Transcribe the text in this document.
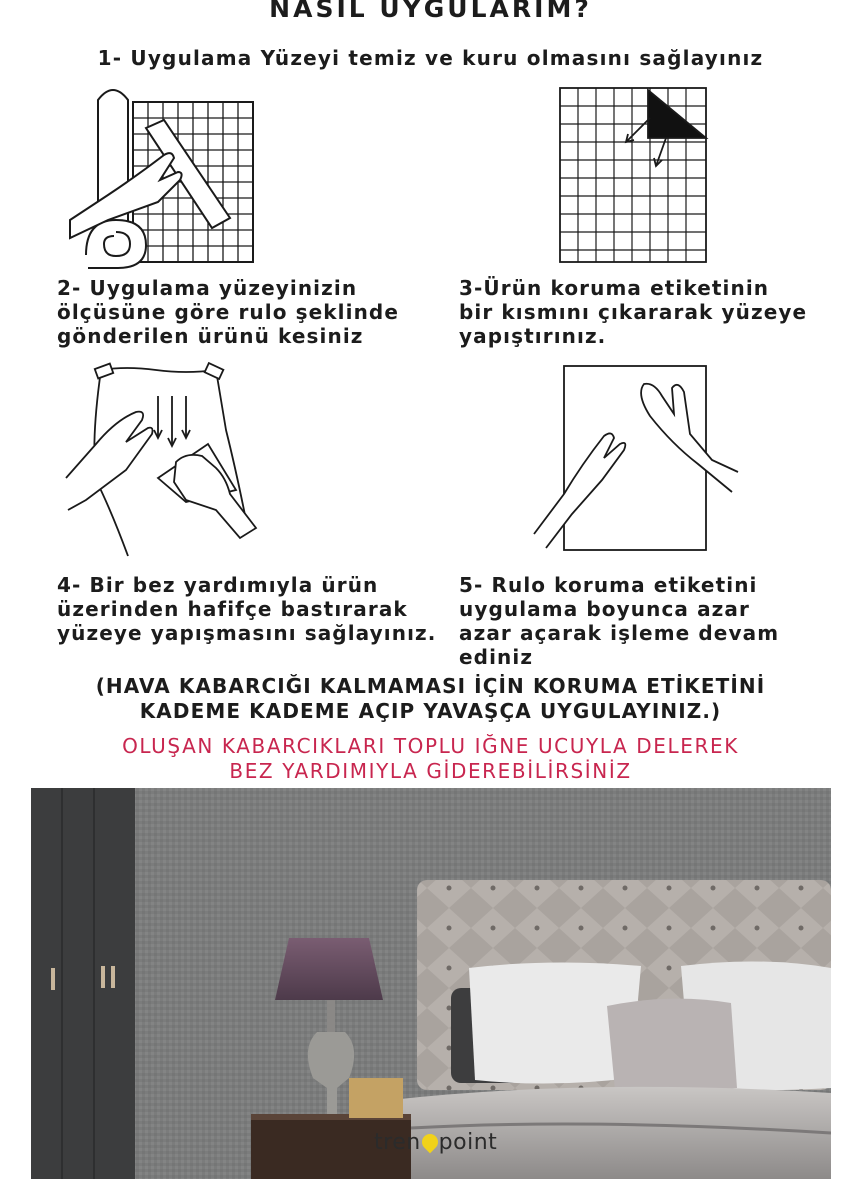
NASIL UYGULARIM?
1- Uygulama Yüzeyi temiz ve kuru olmasını sağlayınız
2- Uygulama yüzeyinizin
ölçüsüne göre rulo şeklinde
gönderilen ürünü kesiniz
3-Ürün koruma etiketinin
bir kısmını çıkararak yüzeye
yapıştırınız.
4- Bir bez yardımıyla ürün
üzerinden hafifçe bastırarak
yüzeye yapışmasını sağlayınız.
5- Rulo koruma etiketini
uygulama boyunca azar
azar açarak işleme devam
ediniz
(HAVA KABARCIĞI KALMAMASI İÇİN KORUMA ETİKETİNİ
KADEME KADEME AÇIP YAVAŞÇA UYGULAYINIZ.)
OLUŞAN KABARCIKLARI TOPLU IĞNE UCUYLA DELEREK
BEZ YARDIMIYLA GİDEREBİLİRSİNİZ
tren point
